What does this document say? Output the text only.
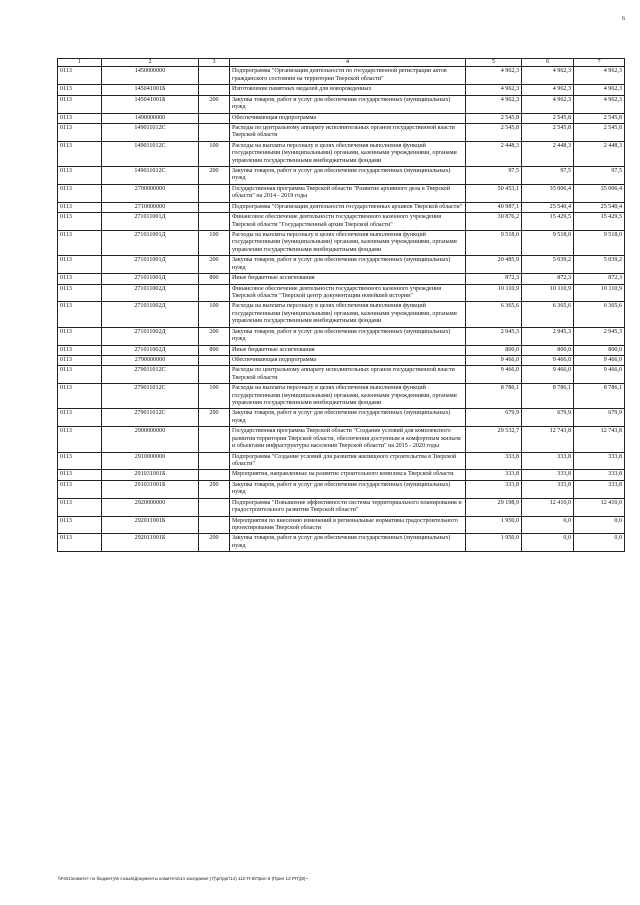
6
1	2	3	4	5	6	7
0113	1450000000		Подпрограмма "Организация деятельности по государственной регистрации актов гражданского состояния на территории Тверской области"	4 962,3	4 962,3	4 962,3
0113	145041001Б		Изготовление памятных медалей для новорожденных	4 962,3	4 962,3	4 962,3
0113	145041001Б	200	Закупка товаров, работ и услуг для обеспечения государственных (муниципальных) нужд	4 962,3	4 962,3	4 962,3
0113	1490000000		Обеспечивающая подпрограмма	2 545,8	2 545,8	2 545,8
0113	149011012С		Расходы по центральному аппарату исполнительных органов государственной власти Тверской области	2 545,8	2 545,8	2 545,8
0113	149011012С	100	Расходы на выплаты персоналу в целях обеспечения выполнения функций государственными (муниципальными) органами, казенными учреждениями, органами управления государственными внебюджетными фондами	2 448,3	2 448,3	2 448,3
0113	149011012С	200	Закупка товаров, работ и услуг для обеспечения государственных (муниципальных) нужд	97,5	97,5	97,5
0113	2700000000		Государственная программа Тверской области "Развитие архивного дела в Тверской области" на 2014 - 2019 годы	50 453,1	35 006,4	35 006,4
0113	2710000000		Подпрограмма "Организация деятельности государственных архивов Тверской области"	40 987,1	25 540,4	25 540,4
0113	271011001Д		Финансовое обеспечение деятельности государственного казенного учреждения Тверской области "Государственный архив Тверской области"	30 876,2	15 429,5	15 429,5
0113	271011001Д	100	Расходы на выплаты персоналу в целях обеспечения выполнения функций государственными (муниципальными) органами, казенными учреждениями, органами управления государственными внебюджетными фондами	9 518,0	9 518,0	9 518,0
0113	271011001Д	200	Закупка товаров, работ и услуг для обеспечения государственных (муниципальных) нужд	20 485,9	5 039,2	5 039,2
0113	271011001Д	800	Иные бюджетные ассигнования	872,3	872,3	872,3
0113	271011002Д		Финансовое обеспечение деятельности государственного казенного учреждения Тверской области "Тверской центр документации новейшей истории"	10 110,9	10 110,9	10 110,9
0113	271011002Д	100	Расходы на выплаты персоналу в целях обеспечения выполнения функций государственными (муниципальными) органами, казенными учреждениями, органами управления государственными внебюджетными фондами	6 365,6	6 365,6	6 365,6
0113	271011002Д	200	Закупка товаров, работ и услуг для обеспечения государственных (муниципальных) нужд	2 945,3	2 945,3	2 945,3
0113	271011002Д	800	Иные бюджетные ассигнования	800,0	800,0	800,0
0113	2790000000		Обеспечивающая подпрограмма	9 466,0	9 466,0	9 466,0
0113	279011012С		Расходы по центральному аппарату исполнительных органов государственной власти Тверской области	9 466,0	9 466,0	9 466,0
0113	279011012С	100	Расходы на выплаты персоналу в целях обеспечения выполнения функций государственными (муниципальными) органами, казенными учреждениями, органами управления государственными внебюджетными фондами	8 786,1	8 786,1	8 786,1
0113	279011012С	200	Закупка товаров, работ и услуг для обеспечения государственных (муниципальных) нужд	679,9	679,9	679,9
0113	2900000000		Государственная программа Тверской области "Создание условий для комплексного развития территории Тверской области, обеспечения доступным и комфортным жильем и объектами инфраструктуры населения Тверской области" на 2015 - 2020 годы	29 532,7	12 743,8	12 743,8
0113	2910000000		Подпрограмма "Создание условий для развития жилищного строительства в Тверской области"	333,8	333,8	333,8
0113	291031001Б		Мероприятия, направленные на развитие строительного комплекса Тверской области	333,8	333,8	333,8
0113	291031001Б	200	Закупка товаров, работ и услуг для обеспечения государственных (муниципальных) нужд	333,8	333,8	333,8
0113	2920000000		Подпрограмма "Повышение эффективности системы территориального планирования и градостроительного развития Тверской области"	29 198,9	12 410,0	12 410,0
0113	292011001Б		Мероприятия по внесению изменений в региональные нормативы градостроительного проектирования Тверской области	1 950,0	0,0	0,0
0113	292011001Б	200	Закупка товаров, работ и услуг для обеспечения государственных (муниципальных) нужд	1 950,0	0,0	0,0
\\Fs01\комитет по бюджету\6 созыв\Документы комитета\14 заседание (7)\pr\ppr\14) 112-П-6\Прил 6 (Прил 12 РП)(8)~
